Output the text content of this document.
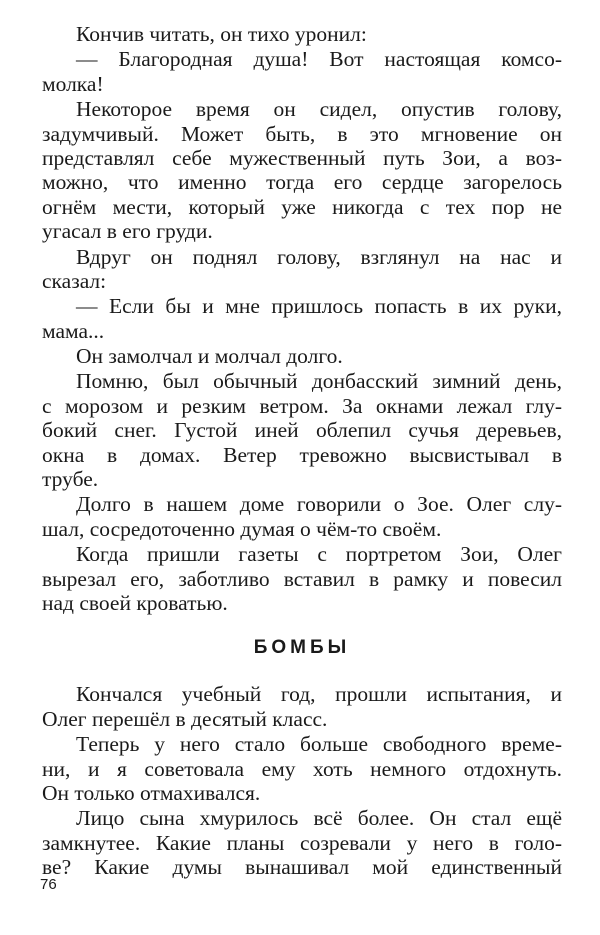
Кончив читать, он тихо уронил:
— Благородная душа! Вот настоящая комсо-
молка!
Некоторое время он сидел, опустив голову,
задумчивый. Может быть, в это мгновение он
представлял себе мужественный путь Зои, а воз-
можно, что именно тогда его сердце загорелось
огнём мести, который уже никогда с тех пор не
угасал в его груди.
Вдруг он поднял голову, взглянул на нас и
сказал:
— Если бы и мне пришлось попасть в их руки,
мама...
Он замолчал и молчал долго.
Помню, был обычный донбасский зимний день,
с морозом и резким ветром. За окнами лежал глу-
бокий снег. Густой иней облепил сучья деревьев,
окна в домах. Ветер тревожно высвистывал в
трубе.
Долго в нашем доме говорили о Зое. Олег слу-
шал, сосредоточенно думая о чём-то своём.
Когда пришли газеты с портретом Зои, Олег
вырезал его, заботливо вставил в рамку и повесил
над своей кроватью.
БОМБЫ
Кончался учебный год, прошли испытания, и
Олег перешёл в десятый класс.
Теперь у него стало больше свободного време-
ни, и я советовала ему хоть немного отдохнуть.
Он только отмахивался.
Лицо сына хмурилось всё более. Он стал ещё
замкнутее. Какие планы созревали у него в голо-
ве? Какие думы вынашивал мой единственный
76
